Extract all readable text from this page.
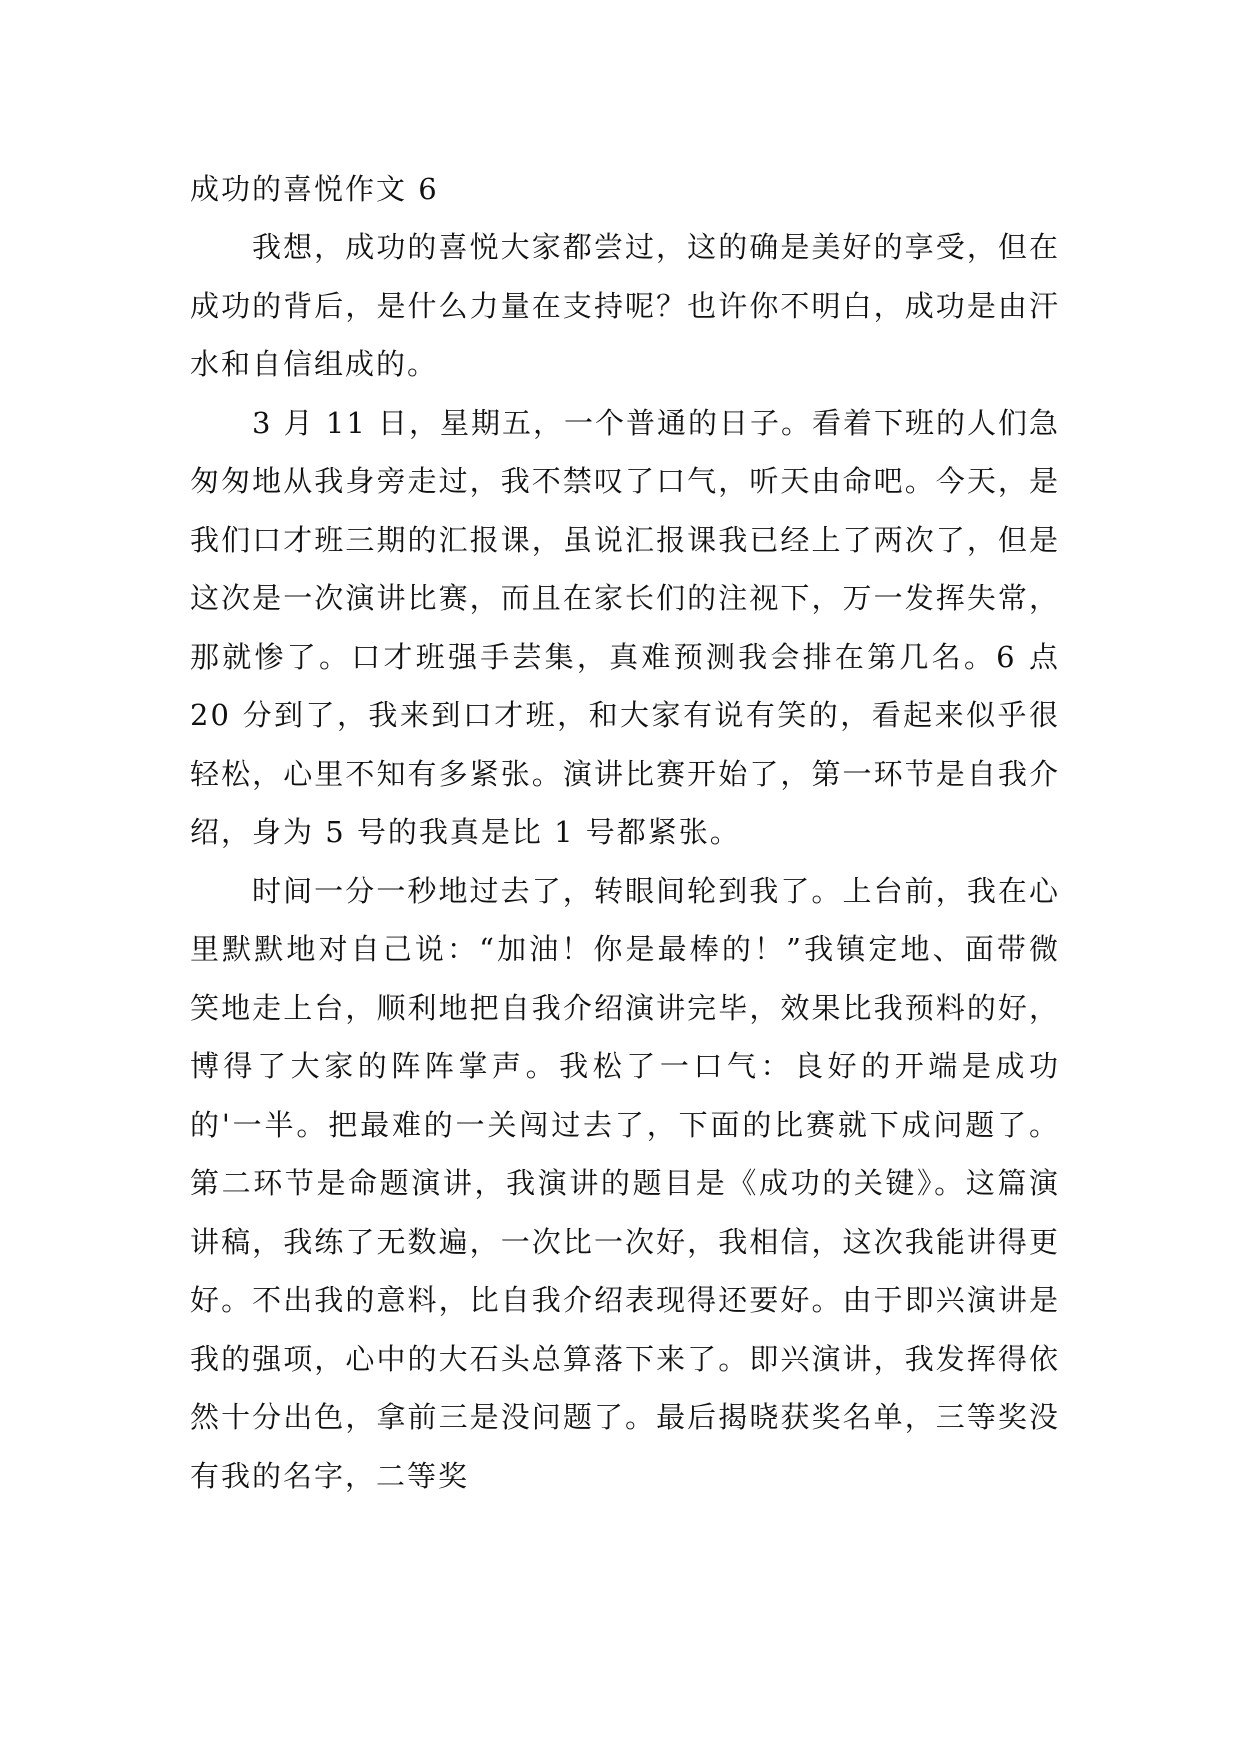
成功的喜悦作文 6

我想，成功的喜悦大家都尝过，这的确是美好的享受，但在成功的背后，是什么力量在支持呢？也许你不明白，成功是由汗水和自信组成的。

3 月 11 日，星期五，一个普通的日子。看着下班的人们急匆匆地从我身旁走过，我不禁叹了口气，听天由命吧。今天，是我们口才班三期的汇报课，虽说汇报课我已经上了两次了，但是这次是一次演讲比赛，而且在家长们的注视下，万一发挥失常，那就惨了。口才班强手芸集，真难预测我会排在第几名。6 点 20 分到了，我来到口才班，和大家有说有笑的，看起来似乎很轻松，心里不知有多紧张。演讲比赛开始了，第一环节是自我介绍，身为 5 号的我真是比 1 号都紧张。

时间一分一秒地过去了，转眼间轮到我了。上台前，我在心里默默地对自己说：“加油！你是最棒的！”我镇定地、面带微笑地走上台，顺利地把自我介绍演讲完毕，效果比我预料的好，博得了大家的阵阵掌声。我松了一口气：良好的开端是成功的'一半。把最难的一关闯过去了，下面的比赛就下成问题了。第二环节是命题演讲，我演讲的题目是《成功的关键》。这篇演讲稿，我练了无数遍，一次比一次好，我相信，这次我能讲得更好。不出我的意料，比自我介绍表现得还要好。由于即兴演讲是我的强项，心中的大石头总算落下来了。即兴演讲，我发挥得依然十分出色，拿前三是没问题了。最后揭晓获奖名单，三等奖没有我的名字，二等奖
